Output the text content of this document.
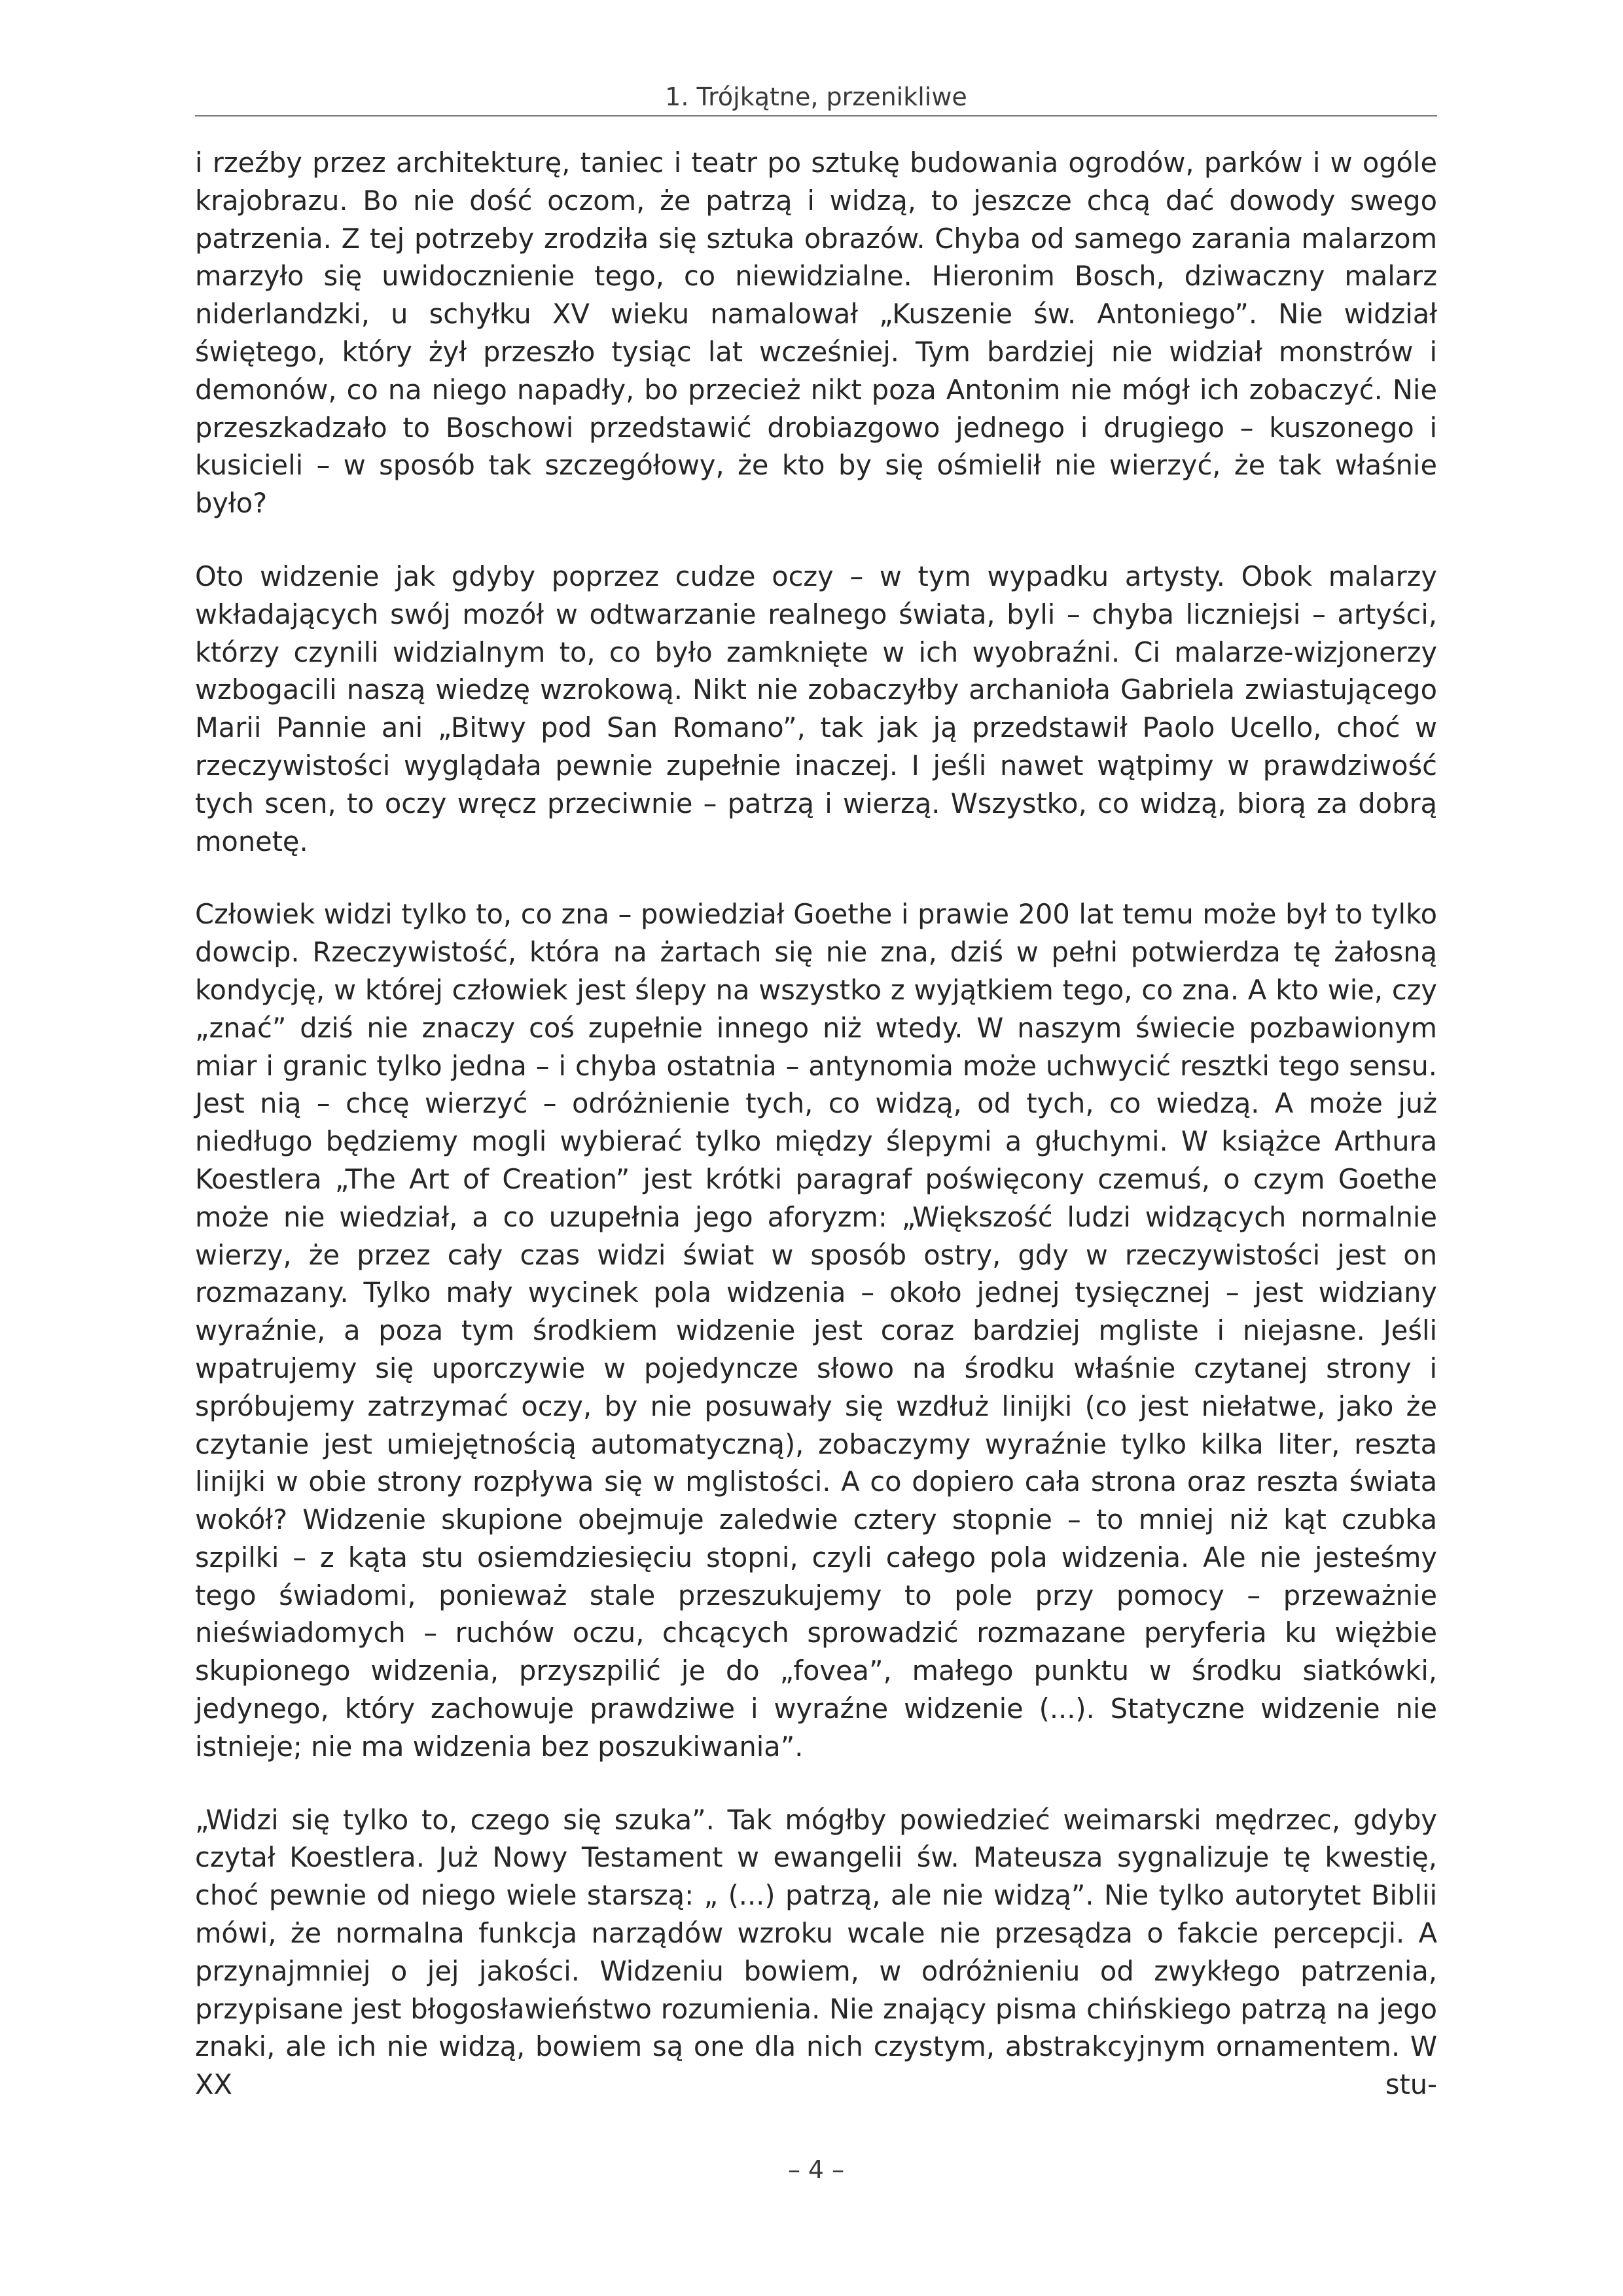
1. Trójkątne, przenikliwe

i rzeźby przez architekturę, taniec i teatr po sztukę budowania ogrodów, parków i w ogóle krajobrazu. Bo nie dość oczom, że patrzą i widzą, to jeszcze chcą dać dowody swego patrzenia. Z tej potrzeby zrodziła się sztuka obrazów. Chyba od samego zarania malarzom marzyło się uwidocznienie tego, co niewidzialne. Hieronim Bosch, dziwaczny malarz niderlandzki, u schyłku XV wieku namalował „Kuszenie św. Antoniego”. Nie widział świętego, który żył przeszło tysiąc lat wcześniej. Tym bardziej nie widział monstrów i demonów, co na niego napadły, bo przecież nikt poza Antonim nie mógł ich zobaczyć. Nie przeszkadzało to Boschowi przedstawić drobiazgowo jednego i drugiego – kuszonego i kusicieli – w sposób tak szczegółowy, że kto by się ośmielił nie wierzyć, że tak właśnie było?

Oto widzenie jak gdyby poprzez cudze oczy – w tym wypadku artysty. Obok malarzy wkładających swój mozół w odtwarzanie realnego świata, byli – chyba liczniejsi – artyści, którzy czynili widzialnym to, co było zamknięte w ich wyobraźni. Ci malarze-wizjonerzy wzbogacili naszą wiedzę wzrokową. Nikt nie zobaczyłby archanioła Gabriela zwiastującego Marii Pannie ani „Bitwy pod San Romano”, tak jak ją przedstawił Paolo Ucello, choć w rzeczywistości wyglądała pewnie zupełnie inaczej. I jeśli nawet wątpimy w prawdziwość tych scen, to oczy wręcz przeciwnie – patrzą i wierzą. Wszystko, co widzą, biorą za dobrą monetę.

Człowiek widzi tylko to, co zna – powiedział Goethe i prawie 200 lat temu może był to tylko dowcip. Rzeczywistość, która na żartach się nie zna, dziś w pełni potwierdza tę żałosną kondycję, w której człowiek jest ślepy na wszystko z wyjątkiem tego, co zna. A kto wie, czy „znać” dziś nie znaczy coś zupełnie innego niż wtedy. W naszym świecie pozbawionym miar i granic tylko jedna – i chyba ostatnia – antynomia może uchwycić resztki tego sensu. Jest nią – chcę wierzyć – odróżnienie tych, co widzą, od tych, co wiedzą. A może już niedługo będziemy mogli wybierać tylko między ślepymi a głuchymi. W książce Arthura Koestlera „The Art of Creation” jest krótki paragraf poświęcony czemuś, o czym Goethe może nie wiedział, a co uzupełnia jego aforyzm: „Większość ludzi widzących normalnie wierzy, że przez cały czas widzi świat w sposób ostry, gdy w rzeczywistości jest on rozmazany. Tylko mały wycinek pola widzenia – około jednej tysięcznej – jest widziany wyraźnie, a poza tym środkiem widzenie jest coraz bardziej mgliste i niejasne. Jeśli wpatrujemy się uporczywie w pojedyncze słowo na środku właśnie czytanej strony i spróbujemy zatrzymać oczy, by nie posuwały się wzdłuż linijki (co jest niełatwe, jako że czytanie jest umiejętnością automatyczną), zobaczymy wyraźnie tylko kilka liter, reszta linijki w obie strony rozpływa się w mglistości. A co dopiero cała strona oraz reszta świata wokół? Widzenie skupione obejmuje zaledwie cztery stopnie – to mniej niż kąt czubka szpilki – z kąta stu osiemdziesięciu stopni, czyli całego pola widzenia. Ale nie jesteśmy tego świadomi, ponieważ stale przeszukujemy to pole przy pomocy – przeważnie nieświadomych – ruchów oczu, chcących sprowadzić rozmazane peryferia ku więżbie skupionego widzenia, przyszpilić je do „fovea”, małego punktu w środku siatkówki, jedynego, który zachowuje prawdziwe i wyraźne widzenie (...). Statyczne widzenie nie istnieje; nie ma widzenia bez poszukiwania”.

„Widzi się tylko to, czego się szuka”. Tak mógłby powiedzieć weimarski mędrzec, gdyby czytał Koestlera. Już Nowy Testament w ewangelii św. Mateusza sygnalizuje tę kwestię, choć pewnie od niego wiele starszą: „ (...) patrzą, ale nie widzą”. Nie tylko autorytet Biblii mówi, że normalna funkcja narządów wzroku wcale nie przesądza o fakcie percepcji. A przynajmniej o jej jakości. Widzeniu bowiem, w odróżnieniu od zwykłego patrzenia, przypisane jest błogosławieństwo rozumienia. Nie znający pisma chińskiego patrzą na jego znaki, ale ich nie widzą, bowiem są one dla nich czystym, abstrakcyjnym ornamentem. W XX stu-

– 4 –
